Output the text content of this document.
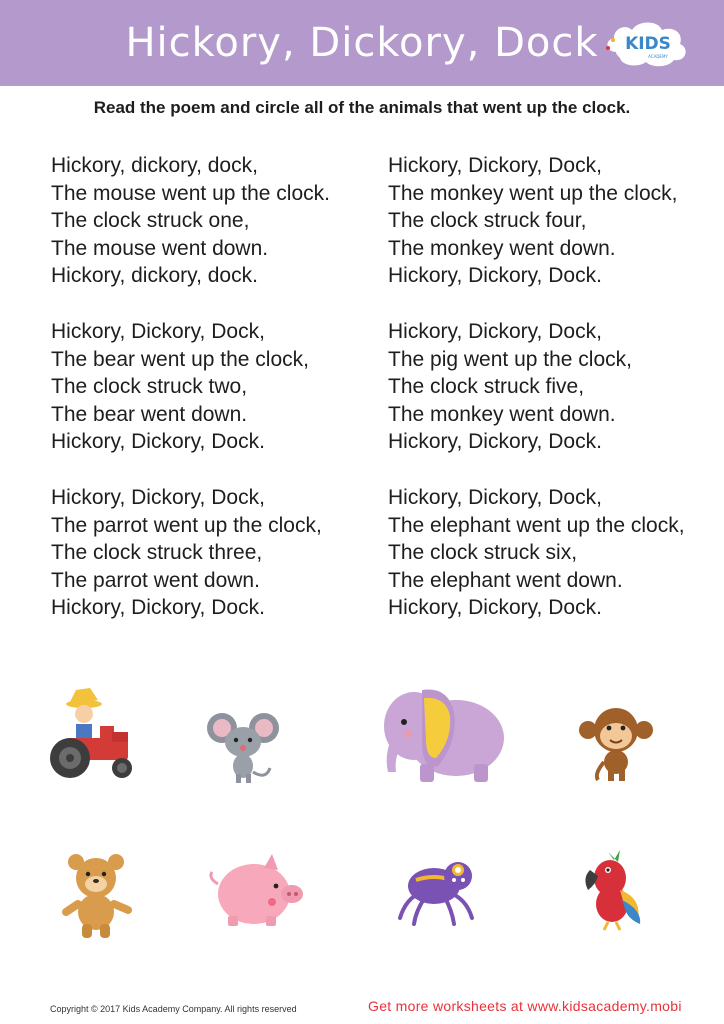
Hickory, Dickory, Dock	KIDS
ACADEMY
Read the poem and circle all of the animals that went up the clock.
Hickory, dickory, dock,
The mouse went up the clock.
The clock struck one,
The mouse went down.
Hickory, dickory, dock.
Hickory, Dickory, Dock,
The bear went up the clock,
The clock struck two,
The bear went down.
Hickory, Dickory, Dock.
Hickory, Dickory, Dock,
The parrot went up the clock,
The clock struck three,
The parrot went down.
Hickory, Dickory, Dock.
Hickory, Dickory, Dock,
The monkey went up the clock,
The clock struck four,
The monkey went down.
Hickory, Dickory, Dock.
Hickory, Dickory, Dock,
The pig went up the clock,
The clock struck five,
The monkey went down.
Hickory, Dickory, Dock.
Hickory, Dickory, Dock,
The elephant went up the clock,
The clock struck six,
The elephant went down.
Hickory, Dickory, Dock.
Copyright © 2017 Kids Academy Company. All rights reserved	Get more worksheets at www.kidsacademy.mobi
